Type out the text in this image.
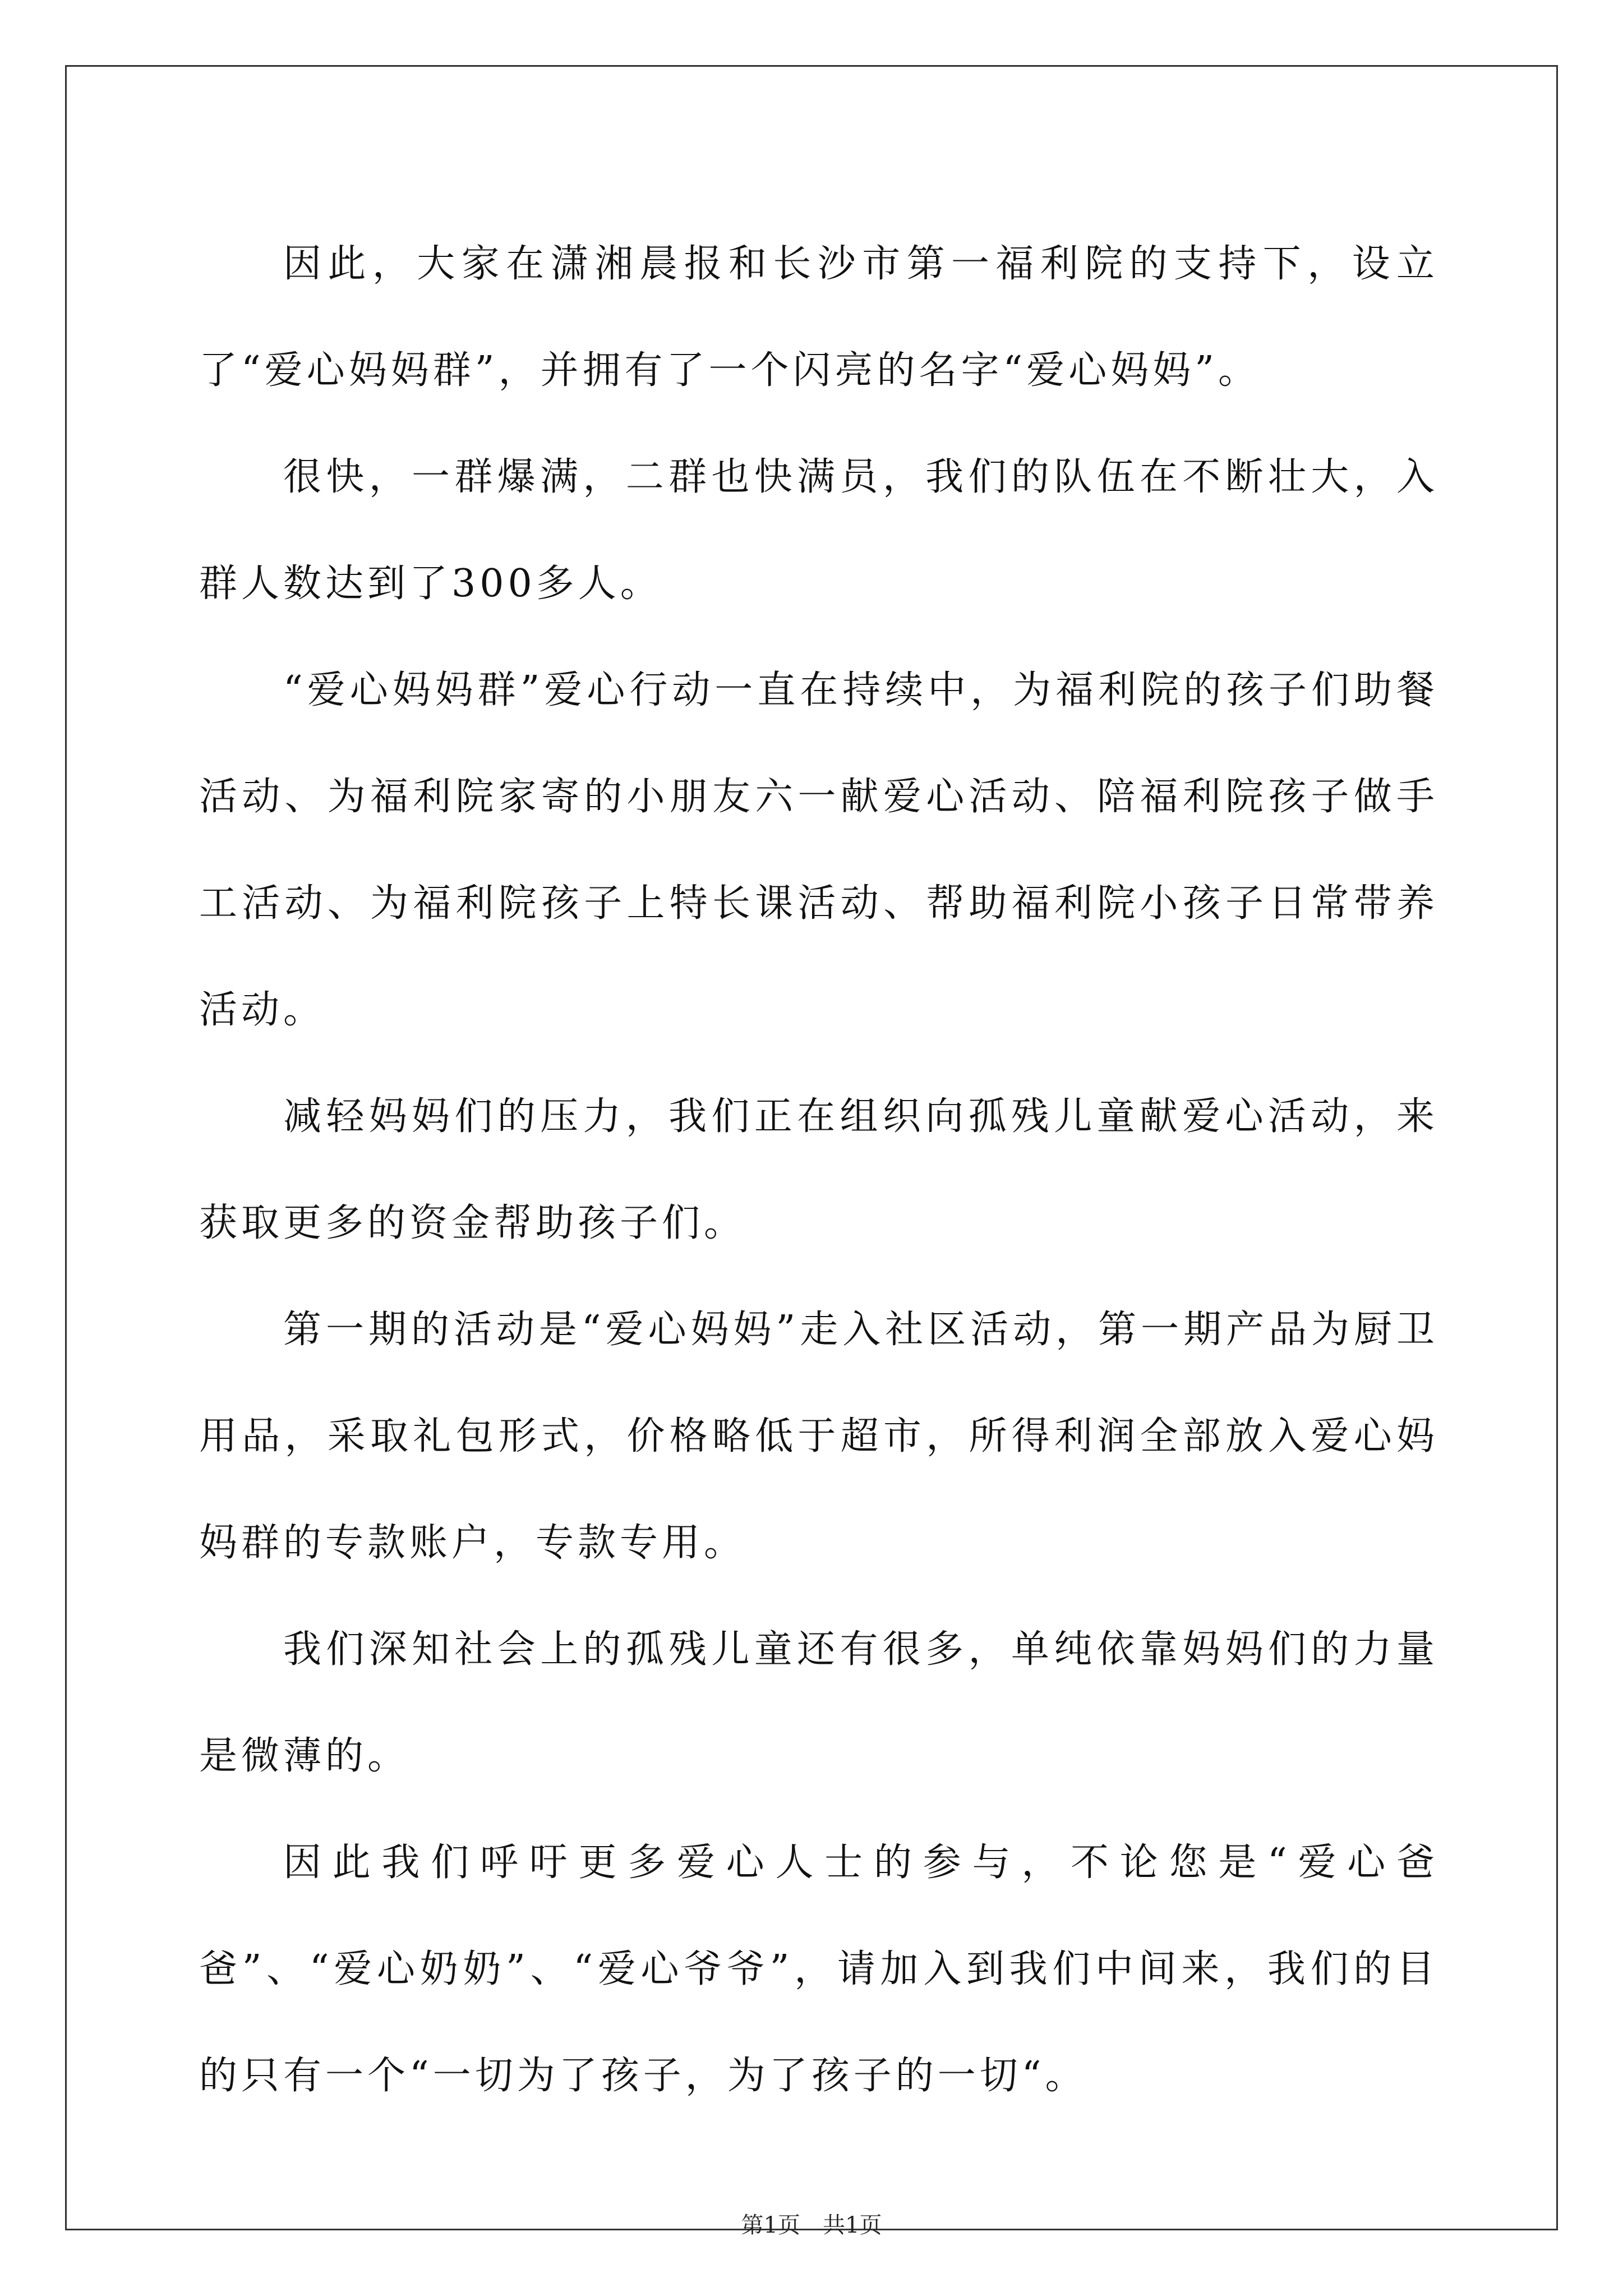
因此，大家在潇湘晨报和长沙市第一福利院的支持下，设立了“爱心妈妈群”，并拥有了一个闪亮的名字“爱心妈妈”。

很快，一群爆满，二群也快满员，我们的队伍在不断壮大，入群人数达到了300多人。

“爱心妈妈群”爱心行动一直在持续中，为福利院的孩子们助餐活动、为福利院家寄的小朋友六一献爱心活动、陪福利院孩子做手工活动、为福利院孩子上特长课活动、帮助福利院小孩子日常带养活动。

减轻妈妈们的压力，我们正在组织向孤残儿童献爱心活动，来获取更多的资金帮助孩子们。

第一期的活动是“爱心妈妈”走入社区活动，第一期产品为厨卫用品，采取礼包形式，价格略低于超市，所得利润全部放入爱心妈妈群的专款账户，专款专用。

我们深知社会上的孤残儿童还有很多，单纯依靠妈妈们的力量是微薄的。

因此我们呼吁更多爱心人士的参与，不论您是“爱心爸爸”、“爱心奶奶”、“爱心爷爷”，请加入到我们中间来，我们的目的只有一个“一切为了孩子，为了孩子的一切“。

第1页　共1页
